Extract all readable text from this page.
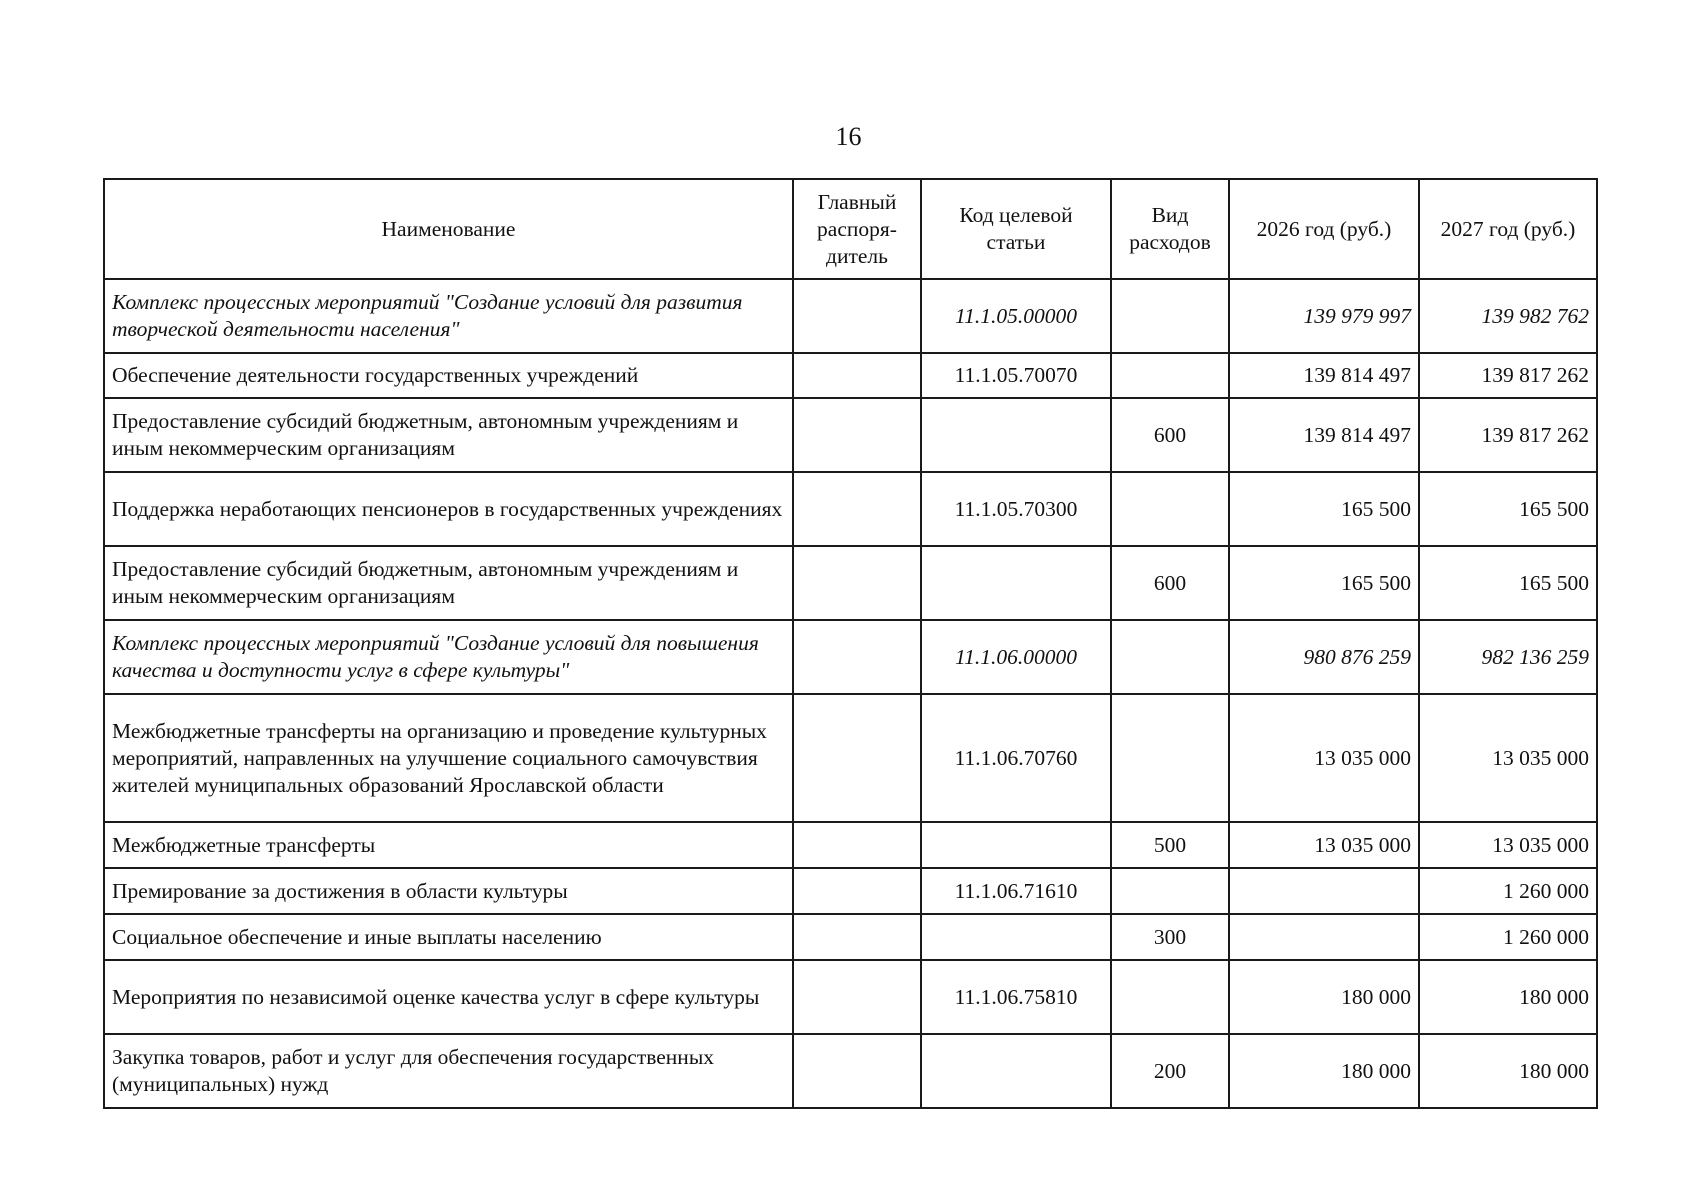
16
Наименование	Главный распоря-дитель	Код целевой статьи	Вид расходов	2026 год (руб.)	2027 год (руб.)
Комплекс процессных мероприятий "Создание условий для развития творческой деятельности населения"		11.1.05.00000		139 979 997	139 982 762
Обеспечение деятельности государственных учреждений		11.1.05.70070		139 814 497	139 817 262
Предоставление субсидий бюджетным, автономным учреждениям и иным некоммерческим организациям			600	139 814 497	139 817 262
Поддержка неработающих пенсионеров в государственных учреждениях		11.1.05.70300		165 500	165 500
Предоставление субсидий бюджетным, автономным учреждениям и иным некоммерческим организациям			600	165 500	165 500
Комплекс процессных мероприятий "Создание условий для повышения качества и доступности услуг в сфере культуры"		11.1.06.00000		980 876 259	982 136 259
Межбюджетные трансферты на организацию и проведение культурных мероприятий, направленных на улучшение социального самочувствия жителей муниципальных образований Ярославской области		11.1.06.70760		13 035 000	13 035 000
Межбюджетные трансферты			500	13 035 000	13 035 000
Премирование за достижения в области культуры		11.1.06.71610			1 260 000
Социальное обеспечение и иные выплаты населению			300		1 260 000
Мероприятия по независимой оценке качества услуг в сфере культуры		11.1.06.75810		180 000	180 000
Закупка товаров, работ и услуг для обеспечения государственных (муниципальных) нужд			200	180 000	180 000
